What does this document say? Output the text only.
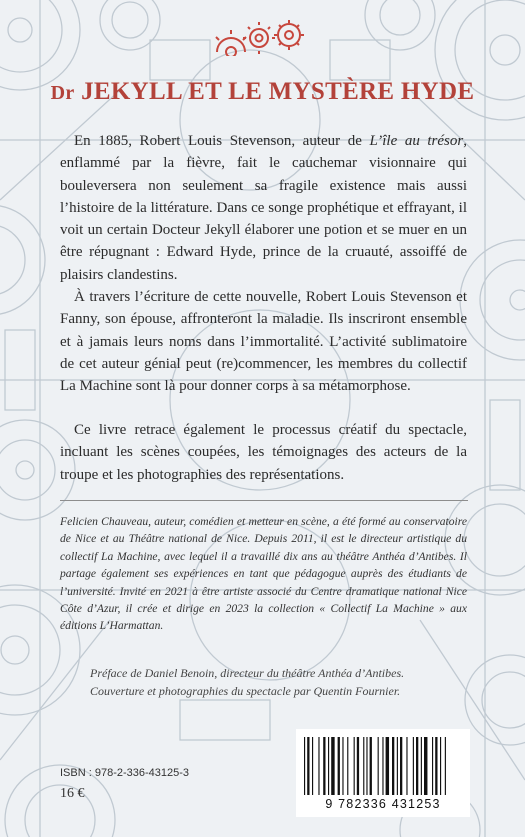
Dr JEKYLL ET LE MYSTÈRE HYDE

En 1885, Robert Louis Stevenson, auteur de L’île au trésor, enflammé par la fièvre, fait le cauchemar visionnaire qui bouleversera non seulement sa fragile existence mais aussi l’histoire de la littérature. Dans ce songe prophétique et effrayant, il voit un certain Docteur Jekyll élaborer une potion et se muer en un être répugnant : Edward Hyde, prince de la cruauté, assoiffé de plaisirs clandestins.

À travers l’écriture de cette nouvelle, Robert Louis Stevenson et Fanny, son épouse, affronteront la maladie. Ils inscriront ensemble et à jamais leurs noms dans l’immortalité. L’activité sublimatoire de cet auteur génial peut (re)commencer, les membres du collectif La Machine sont là pour donner corps à sa métamorphose.

Ce livre retrace également le processus créatif du spectacle, incluant les scènes coupées, les témoignages des acteurs de la troupe et les photographies des représentations.

Felicien Chauveau, auteur, comédien et metteur en scène, a été formé au conservatoire de Nice et au Théâtre national de Nice. Depuis 2011, il est le directeur artistique du collectif La Machine, avec lequel il a travaillé dix ans au théâtre Anthéa d’Antibes. Il partage également ses expériences en tant que pédagogue auprès des étudiants de l’université. Invité en 2021 à être artiste associé du Centre dramatique national Nice Côte d’Azur, il crée et dirige en 2023 la collection « Collectif La Machine » aux éditions L’Harmattan.

Préface de Daniel Benoin, directeur du théâtre Anthéa d’Antibes.
Couverture et photographies du spectacle par Quentin Fournier.
ISBN : 978-2-336-43125-3
16 €
9 782336 431253
